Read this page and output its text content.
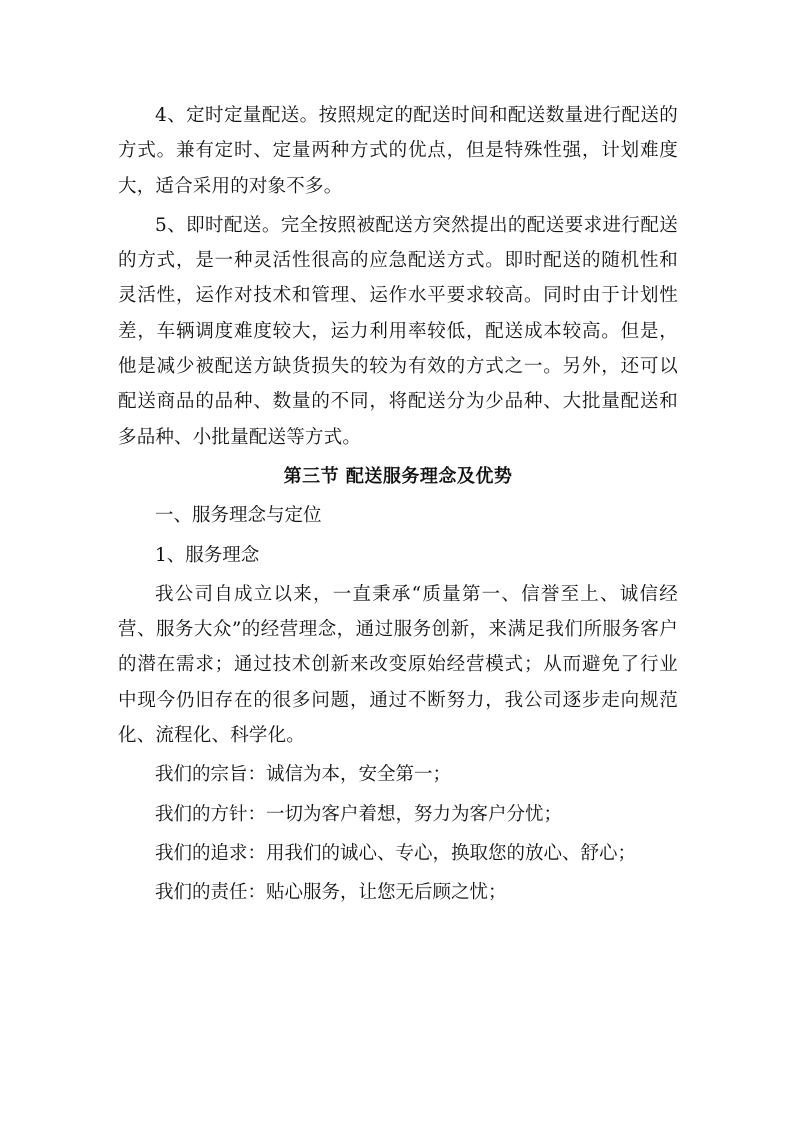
4、定时定量配送。按照规定的配送时间和配送数量进行配送的方式。兼有定时、定量两种方式的优点，但是特殊性强，计划难度大，适合采用的对象不多。

5、即时配送。完全按照被配送方突然提出的配送要求进行配送的方式，是一种灵活性很高的应急配送方式。即时配送的随机性和灵活性，运作对技术和管理、运作水平要求较高。同时由于计划性差，车辆调度难度较大，运力利用率较低，配送成本较高。但是，他是减少被配送方缺货损失的较为有效的方式之一。另外，还可以配送商品的品种、数量的不同，将配送分为少品种、大批量配送和多品种、小批量配送等方式。

第三节 配送服务理念及优势

一、服务理念与定位

1、服务理念

我公司自成立以来，一直秉承“质量第一、信誉至上、诚信经营、服务大众”的经营理念，通过服务创新，来满足我们所服务客户的潜在需求；通过技术创新来改变原始经营模式；从而避免了行业中现今仍旧存在的很多问题，通过不断努力，我公司逐步走向规范化、流程化、科学化。

我们的宗旨：诚信为本，安全第一；

我们的方针：一切为客户着想，努力为客户分忧；

我们的追求：用我们的诚心、专心，换取您的放心、舒心；

我们的责任：贴心服务，让您无后顾之忧；
